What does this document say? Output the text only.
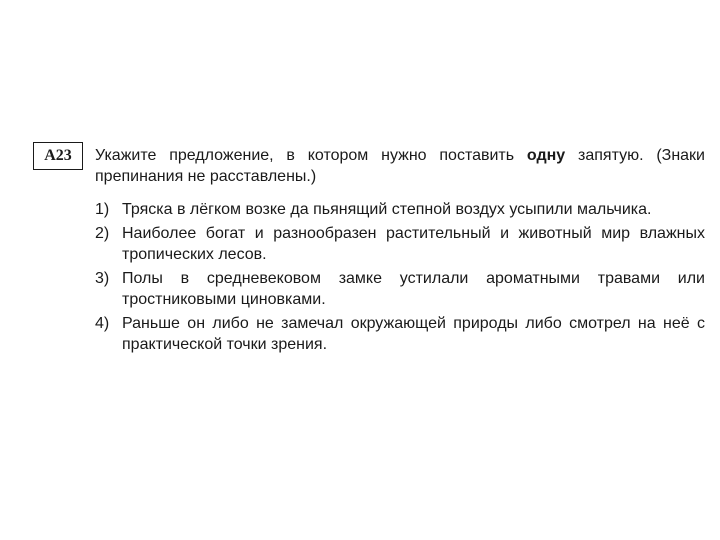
A23 Укажите предложение, в котором нужно поставить одну запятую. (Знаки препинания не расставлены.)
1) Тряска в лёгком возке да пьянящий степной воздух усыпили мальчика.
2) Наиболее богат и разнообразен растительный и животный мир влажных тропических лесов.
3) Полы в средневековом замке устилали ароматными травами или тростниковыми циновками.
4) Раньше он либо не замечал окружающей природы либо смотрел на неё с практической точки зрения.
